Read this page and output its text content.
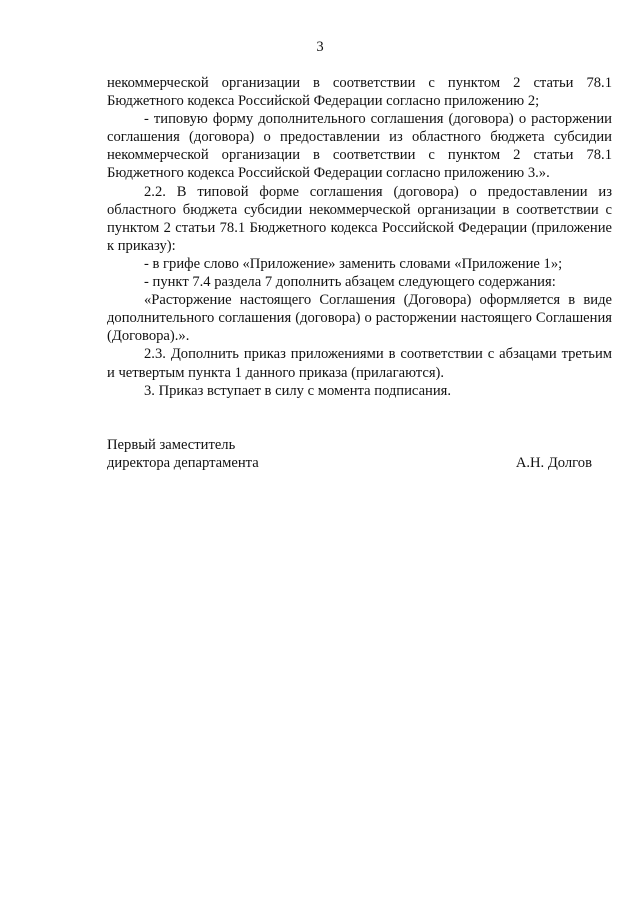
3

некоммерческой организации в соответствии с пунктом 2 статьи 78.1 Бюджетного кодекса Российской Федерации согласно приложению 2;

- типовую форму дополнительного соглашения (договора) о расторжении соглашения (договора) о предоставлении из областного бюджета субсидии некоммерческой организации в соответствии с пунктом 2 статьи 78.1 Бюджетного кодекса Российской Федерации согласно приложению 3.».

2.2. В типовой форме соглашения (договора) о предоставлении из областного бюджета субсидии некоммерческой организации в соответствии с пунктом 2 статьи 78.1 Бюджетного кодекса Российской Федерации (приложение к приказу):

- в грифе слово «Приложение» заменить словами «Приложение 1»;

- пункт 7.4 раздела 7 дополнить абзацем следующего содержания:

«Расторжение настоящего Соглашения (Договора) оформляется в виде дополнительного соглашения (договора) о расторжении настоящего Соглашения (Договора).».

2.3. Дополнить приказ приложениями в соответствии с абзацами третьим и четвертым пункта 1 данного приказа (прилагаются).

3. Приказ вступает в силу с момента подписания.

Первый заместитель
директора департамента	А.Н. Долгов
